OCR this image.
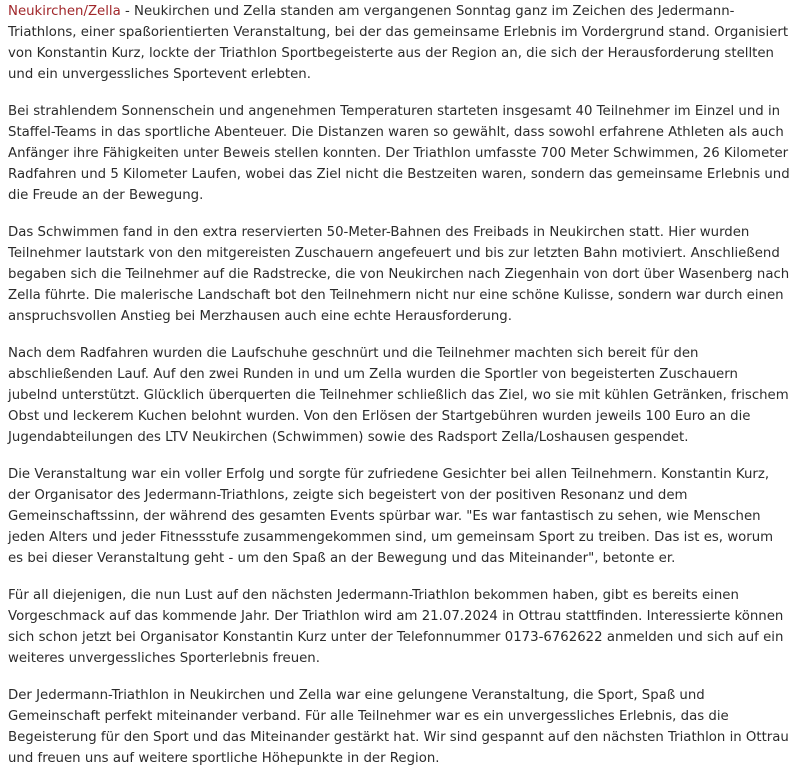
Neukirchen/Zella - Neukirchen und Zella standen am vergangenen Sonntag ganz im Zeichen des Jedermann-Triathlons, einer spaßorientierten Veranstaltung, bei der das gemeinsame Erlebnis im Vordergrund stand. Organisiert von Konstantin Kurz, lockte der Triathlon Sportbegeisterte aus der Region an, die sich der Herausforderung stellten und ein unvergessliches Sportevent erlebten.

Bei strahlendem Sonnenschein und angenehmen Temperaturen starteten insgesamt 40 Teilnehmer im Einzel und in Staffel-Teams in das sportliche Abenteuer. Die Distanzen waren so gewählt, dass sowohl erfahrene Athleten als auch Anfänger ihre Fähigkeiten unter Beweis stellen konnten. Der Triathlon umfasste 700 Meter Schwimmen, 26 Kilometer Radfahren und 5 Kilometer Laufen, wobei das Ziel nicht die Bestzeiten waren, sondern das gemeinsame Erlebnis und die Freude an der Bewegung.

Das Schwimmen fand in den extra reservierten 50-Meter-Bahnen des Freibads in Neukirchen statt. Hier wurden Teilnehmer lautstark von den mitgereisten Zuschauern angefeuert und bis zur letzten Bahn motiviert. Anschließend begaben sich die Teilnehmer auf die Radstrecke, die von Neukirchen nach Ziegenhain von dort über Wasenberg nach Zella führte. Die malerische Landschaft bot den Teilnehmern nicht nur eine schöne Kulisse, sondern war durch einen anspruchsvollen Anstieg bei Merzhausen auch eine echte Herausforderung.

Nach dem Radfahren wurden die Laufschuhe geschnürt und die Teilnehmer machten sich bereit für den abschließenden Lauf. Auf den zwei Runden in und um Zella wurden die Sportler von begeisterten Zuschauern jubelnd unterstützt. Glücklich überquerten die Teilnehmer schließlich das Ziel, wo sie mit kühlen Getränken, frischem Obst und leckerem Kuchen belohnt wurden. Von den Erlösen der Startgebühren wurden jeweils 100 Euro an die Jugendabteilungen des LTV Neukirchen (Schwimmen) sowie des Radsport Zella/Loshausen gespendet.

Die Veranstaltung war ein voller Erfolg und sorgte für zufriedene Gesichter bei allen Teilnehmern. Konstantin Kurz, der Organisator des Jedermann-Triathlons, zeigte sich begeistert von der positiven Resonanz und dem Gemeinschaftssinn, der während des gesamten Events spürbar war. "Es war fantastisch zu sehen, wie Menschen jeden Alters und jeder Fitnessstufe zusammengekommen sind, um gemeinsam Sport zu treiben. Das ist es, worum es bei dieser Veranstaltung geht - um den Spaß an der Bewegung und das Miteinander", betonte er.

Für all diejenigen, die nun Lust auf den nächsten Jedermann-Triathlon bekommen haben, gibt es bereits einen Vorgeschmack auf das kommende Jahr. Der Triathlon wird am 21.07.2024 in Ottrau stattfinden. Interessierte können sich schon jetzt bei Organisator Konstantin Kurz unter der Telefonnummer 0173-6762622 anmelden und sich auf ein weiteres unvergessliches Sporterlebnis freuen.

Der Jedermann-Triathlon in Neukirchen und Zella war eine gelungene Veranstaltung, die Sport, Spaß und Gemeinschaft perfekt miteinander verband. Für alle Teilnehmer war es ein unvergessliches Erlebnis, das die Begeisterung für den Sport und das Miteinander gestärkt hat. Wir sind gespannt auf den nächsten Triathlon in Ottrau und freuen uns auf weitere sportliche Höhepunkte in der Region.
